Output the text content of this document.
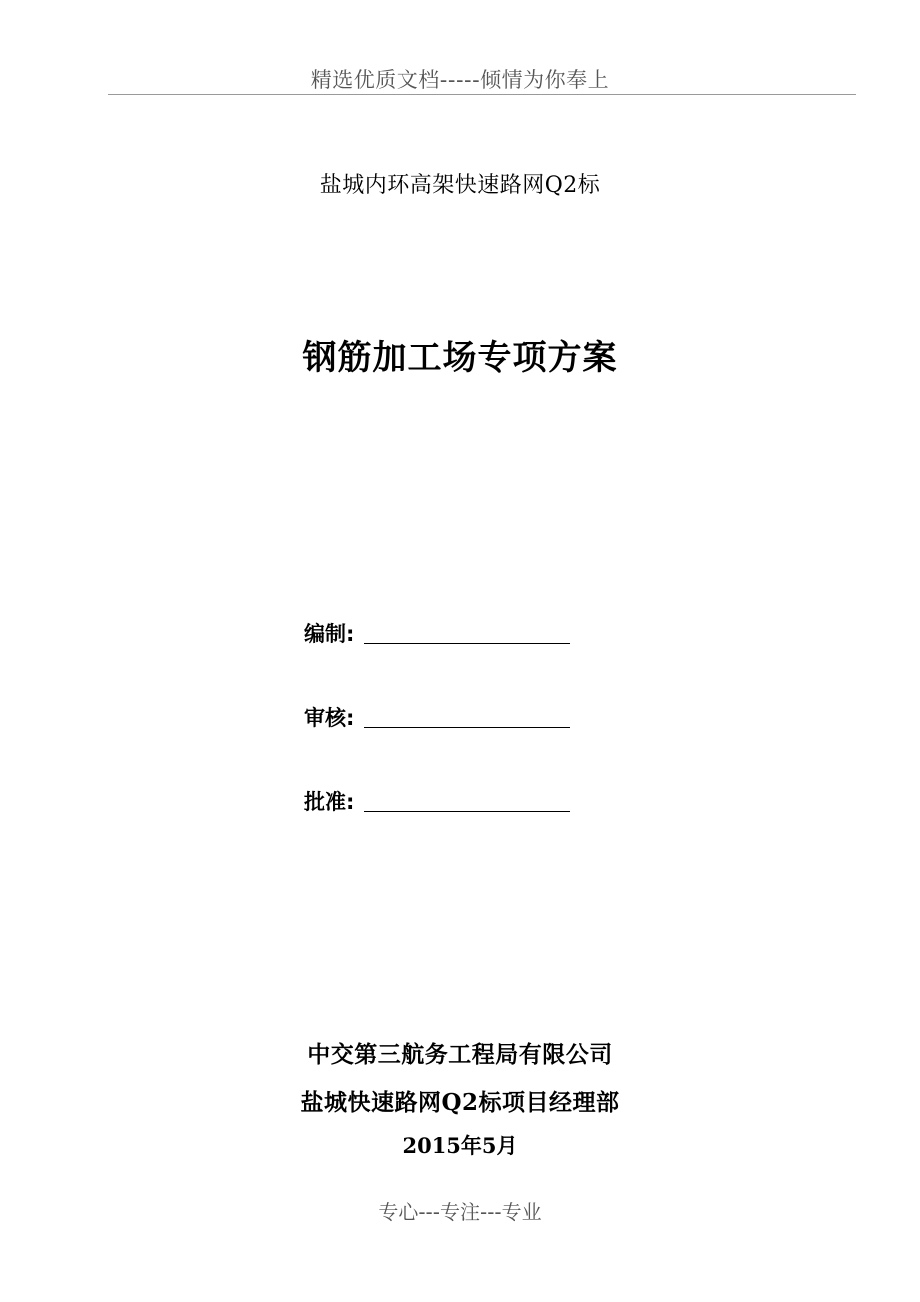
精选优质文档-----倾情为你奉上
盐城内环高架快速路网Q2标
钢筋加工场专项方案
编制:
审核:
批准:
中交第三航务工程局有限公司
盐城快速路网Q2标项目经理部
2015年5月
专心---专注---专业
